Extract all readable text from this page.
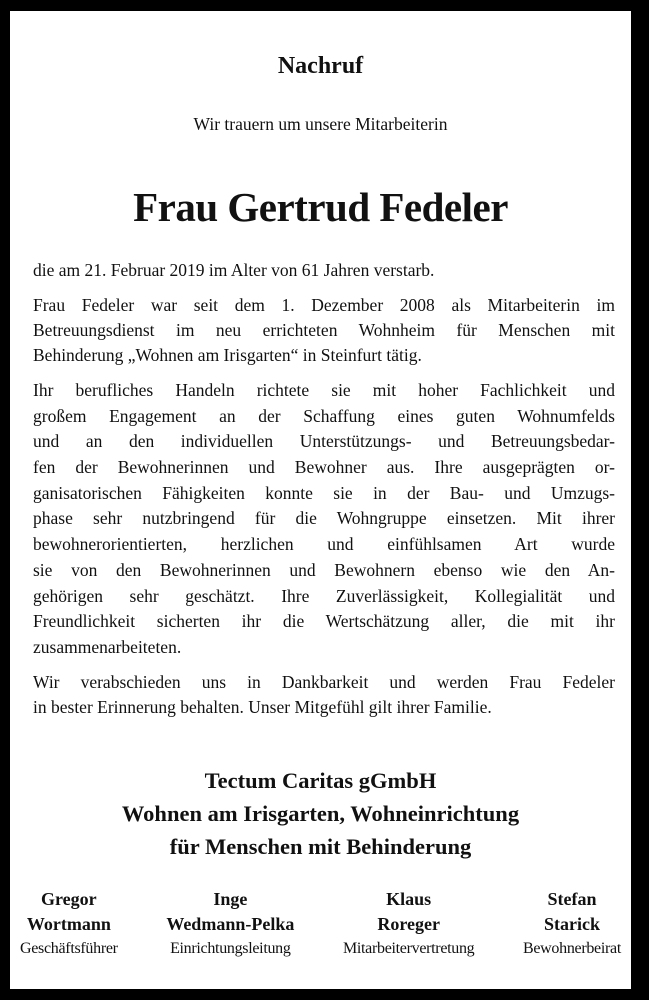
Nachruf
Wir trauern um unsere Mitarbeiterin
Frau Gertrud Fedeler
die am 21. Februar 2019 im Alter von 61 Jahren verstarb.
Frau Fedeler war seit dem 1. Dezember 2008 als Mitarbeiterin im
Betreuungsdienst im neu errichteten Wohnheim für Menschen mit
Behinderung „Wohnen am Irisgarten“ in Steinfurt tätig.
Ihr berufliches Handeln richtete sie mit hoher Fachlichkeit und
großem Engagement an der Schaffung eines guten Wohnumfelds
und an den individuellen Unterstützungs- und Betreuungsbedar-
fen der Bewohnerinnen und Bewohner aus. Ihre ausgeprägten or-
ganisatorischen Fähigkeiten konnte sie in der Bau- und Umzugs-
phase sehr nutzbringend für die Wohngruppe einsetzen. Mit ihrer
bewohnerorientierten, herzlichen und einfühlsamen Art wurde
sie von den Bewohnerinnen und Bewohnern ebenso wie den An-
gehörigen sehr geschätzt. Ihre Zuverlässigkeit, Kollegialität und
Freundlichkeit sicherten ihr die Wertschätzung aller, die mit ihr
zusammenarbeiteten.
Wir verabschieden uns in Dankbarkeit und werden Frau Fedeler
in bester Erinnerung behalten. Unser Mitgefühl gilt ihrer Familie.
Tectum Caritas gGmbH
Wohnen am Irisgarten, Wohneinrichtung
für Menschen mit Behinderung
Gregor
Wortmann
Geschäftsführer
Inge
Wedmann-Pelka
Einrichtungsleitung
Klaus
Roreger
Mitarbeitervertretung
Stefan
Starick
Bewohnerbeirat
